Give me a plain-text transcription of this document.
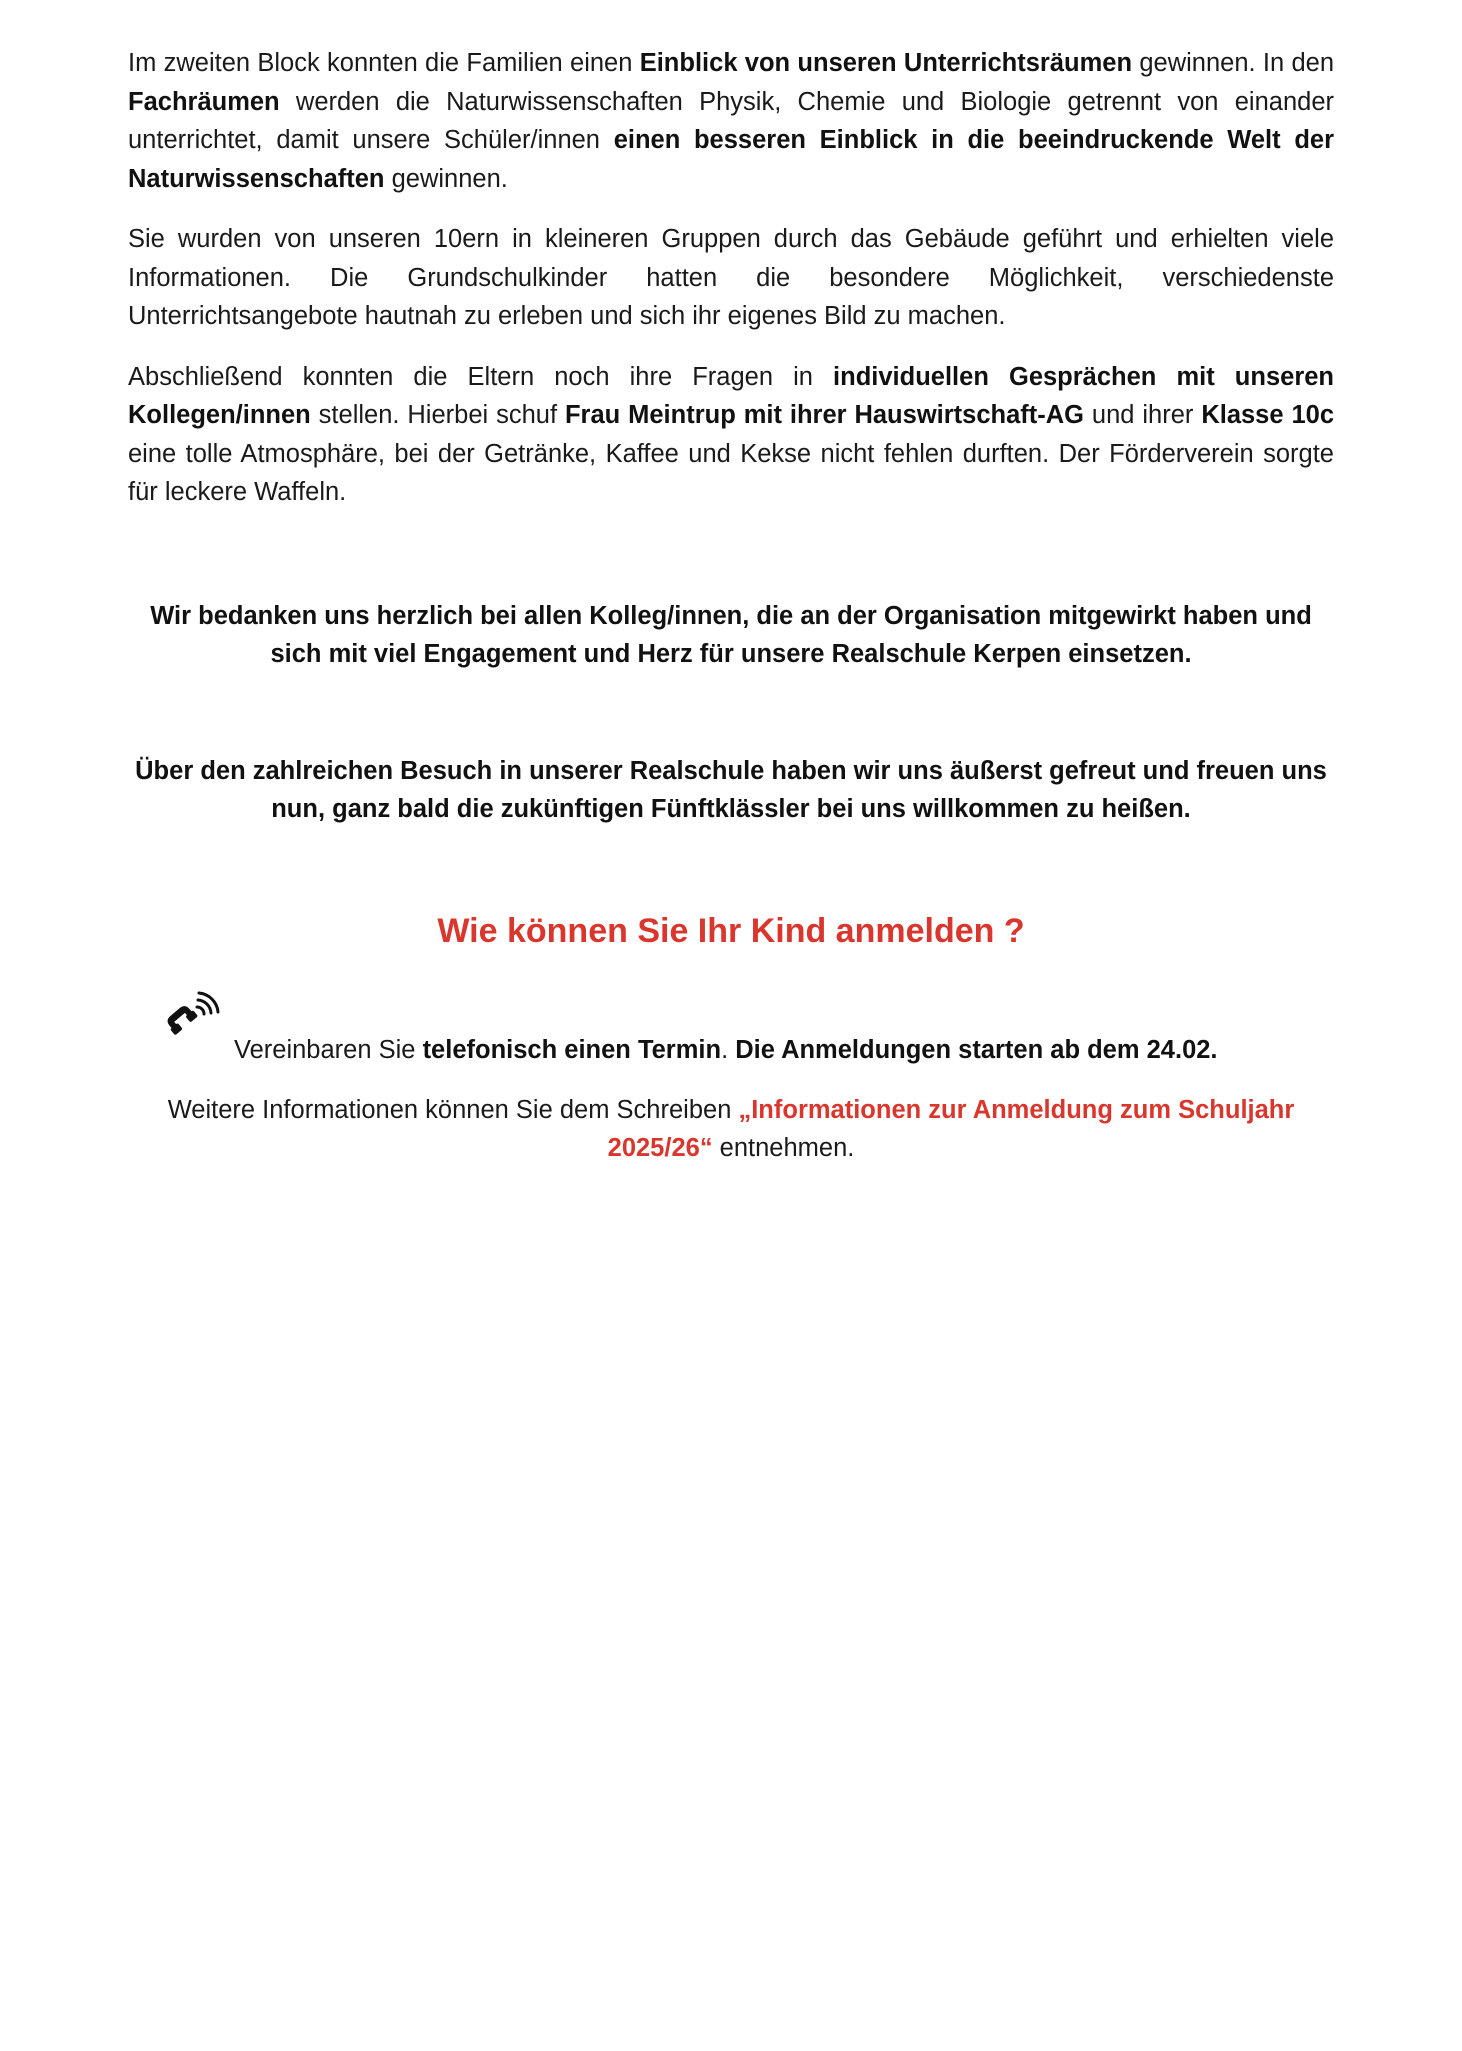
Im zweiten Block konnten die Familien einen Einblick von unseren Unterrichtsräumen gewinnen. In den Fachräumen werden die Naturwissenschaften Physik, Chemie und Biologie getrennt von einander unterrichtet, damit unsere Schüler/innen einen besseren Einblick in die beeindruckende Welt der Naturwissenschaften gewinnen.

Sie wurden von unseren 10ern in kleineren Gruppen durch das Gebäude geführt und erhielten viele Informationen. Die Grundschulkinder hatten die besondere Möglichkeit, verschiedenste Unterrichtsangebote hautnah zu erleben und sich ihr eigenes Bild zu machen.

Abschließend konnten die Eltern noch ihre Fragen in individuellen Gesprächen mit unseren Kollegen/innen stellen. Hierbei schuf Frau Meintrup mit ihrer Hauswirtschaft-AG und ihrer Klasse 10c eine tolle Atmosphäre, bei der Getränke, Kaffee und Kekse nicht fehlen durften. Der Förderverein sorgte für leckere Waffeln.

Wir bedanken uns herzlich bei allen Kolleg/innen, die an der Organisation mitgewirkt haben und sich mit viel Engagement und Herz für unsere Realschule Kerpen einsetzen.

Über den zahlreichen Besuch in unserer Realschule haben wir uns äußerst gefreut und freuen uns nun, ganz bald die zukünftigen Fünftklässler bei uns willkommen zu heißen.

Wie können Sie Ihr Kind anmelden ?

Vereinbaren Sie telefonisch einen Termin. Die Anmeldungen starten ab dem 24.02.

Weitere Informationen können Sie dem Schreiben „Informationen zur Anmeldung zum Schuljahr 2025/26“ entnehmen.
